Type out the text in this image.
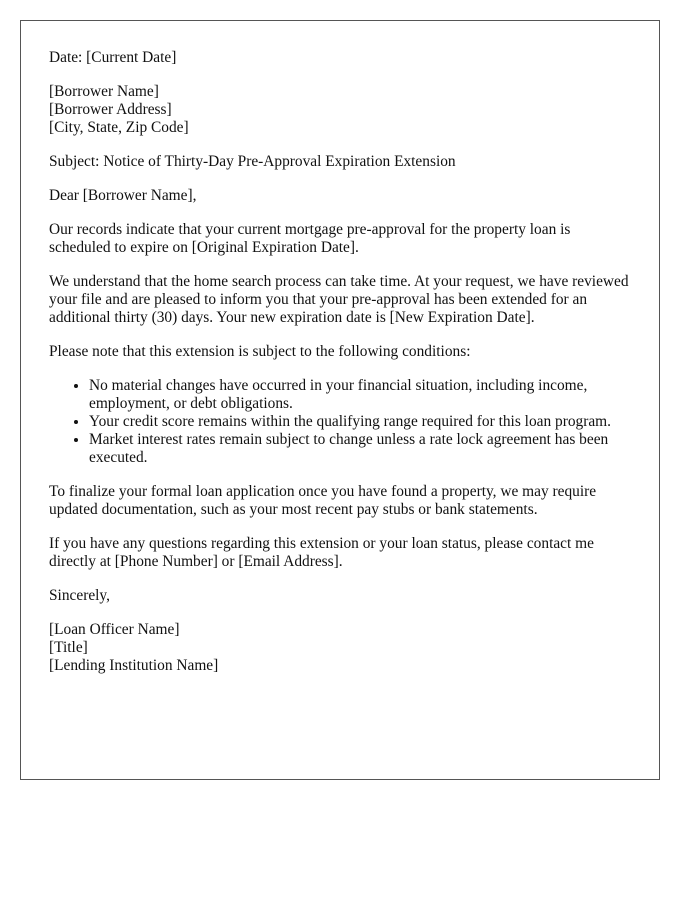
Date: [Current Date]

[Borrower Name]
[Borrower Address]
[City, State, Zip Code]

Subject: Notice of Thirty-Day Pre-Approval Expiration Extension

Dear [Borrower Name],

Our records indicate that your current mortgage pre-approval for the property loan is scheduled to expire on [Original Expiration Date].

We understand that the home search process can take time. At your request, we have reviewed your file and are pleased to inform you that your pre-approval has been extended for an additional thirty (30) days. Your new expiration date is [New Expiration Date].

Please note that this extension is subject to the following conditions:

• No material changes have occurred in your financial situation, including income, employment, or debt obligations.
• Your credit score remains within the qualifying range required for this loan program.
• Market interest rates remain subject to change unless a rate lock agreement has been executed.

To finalize your formal loan application once you have found a property, we may require updated documentation, such as your most recent pay stubs or bank statements.

If you have any questions regarding this extension or your loan status, please contact me directly at [Phone Number] or [Email Address].

Sincerely,

[Loan Officer Name]
[Title]
[Lending Institution Name]
